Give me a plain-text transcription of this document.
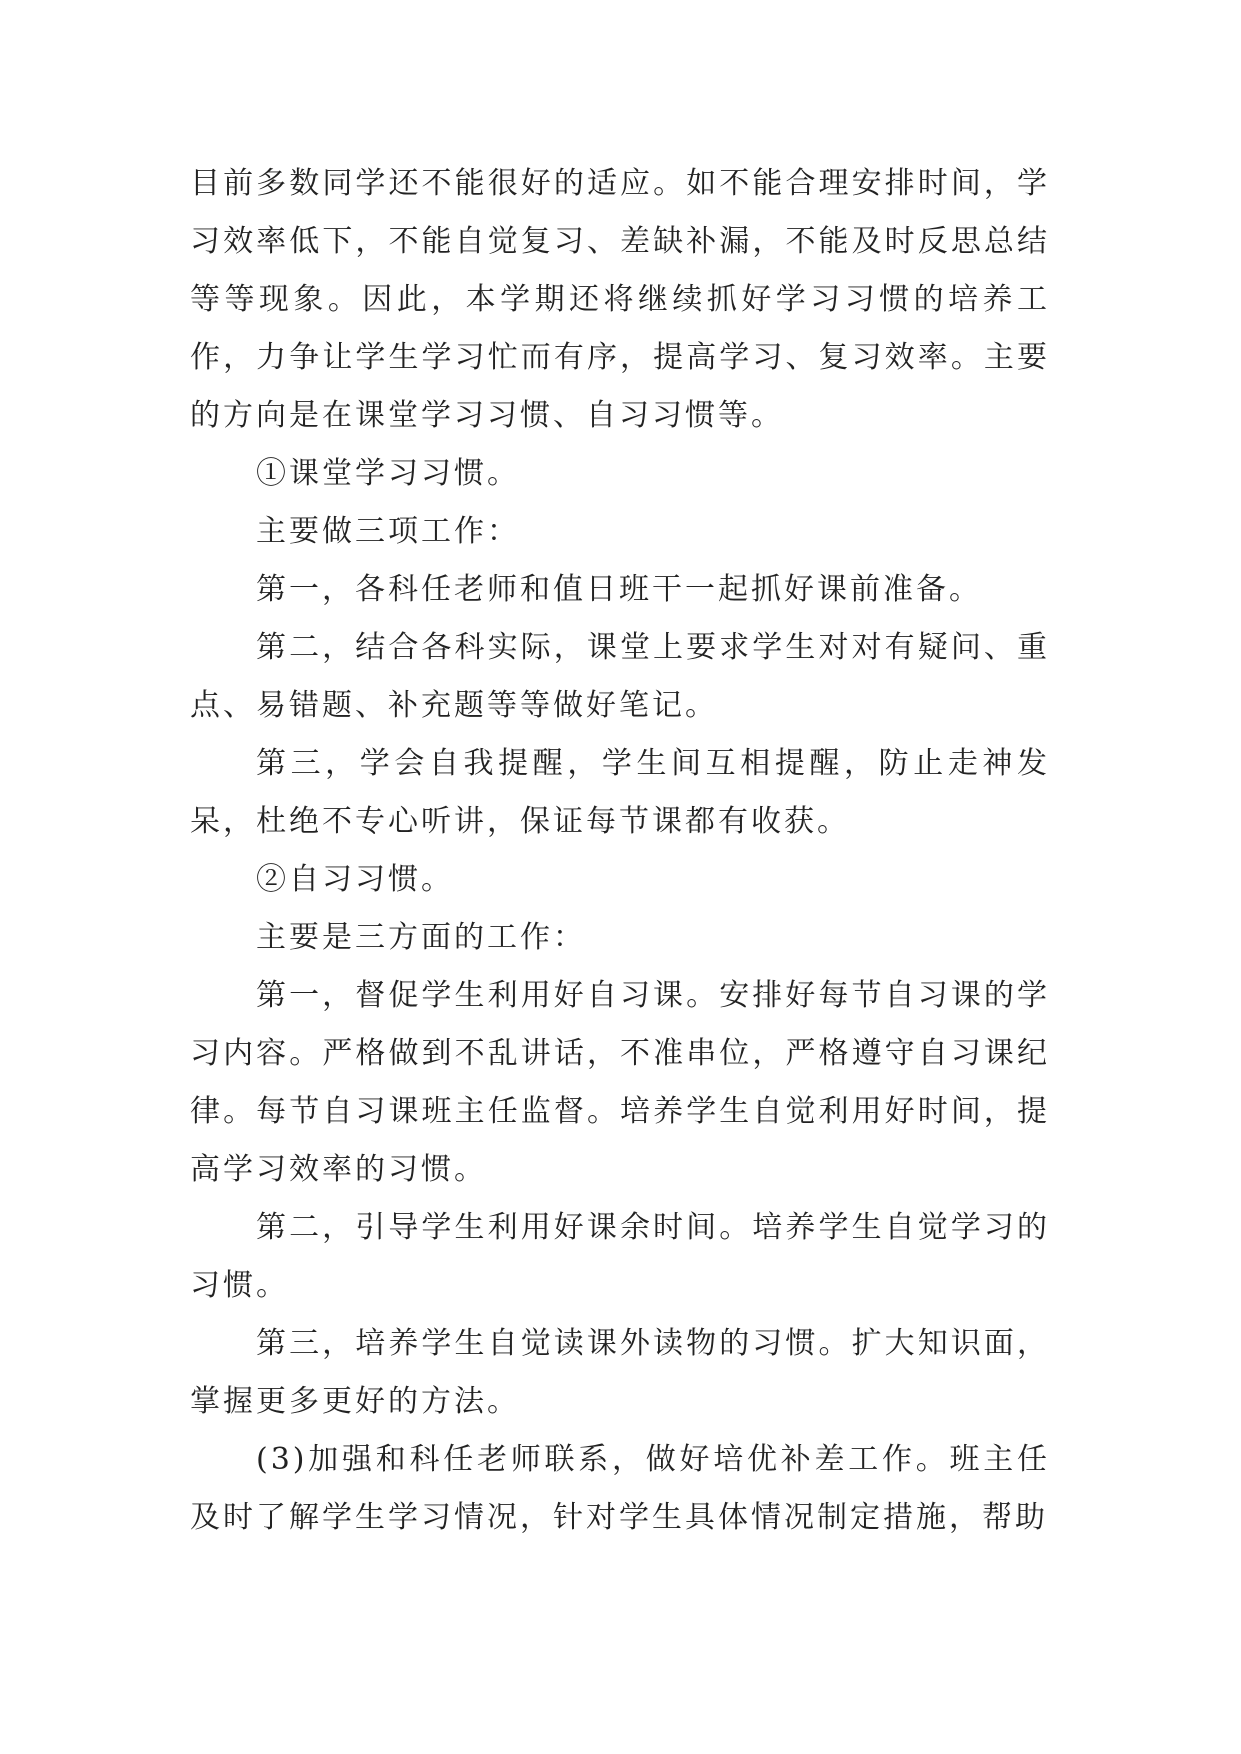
目前多数同学还不能很好的适应。如不能合理安排时间，学习效率低下，不能自觉复习、差缺补漏，不能及时反思总结等等现象。因此，本学期还将继续抓好学习习惯的培养工作，力争让学生学习忙而有序，提高学习、复习效率。主要的方向是在课堂学习习惯、自习习惯等。

①课堂学习习惯。

主要做三项工作：

第一，各科任老师和值日班干一起抓好课前准备。

第二，结合各科实际，课堂上要求学生对对有疑问、重点、易错题、补充题等等做好笔记。

第三，学会自我提醒，学生间互相提醒，防止走神发呆，杜绝不专心听讲，保证每节课都有收获。

②自习习惯。

主要是三方面的工作：

第一，督促学生利用好自习课。安排好每节自习课的学习内容。严格做到不乱讲话，不准串位，严格遵守自习课纪律。每节自习课班主任监督。培养学生自觉利用好时间，提高学习效率的习惯。

第二，引导学生利用好课余时间。培养学生自觉学习的习惯。

第三，培养学生自觉读课外读物的习惯。扩大知识面，掌握更多更好的方法。

(3)加强和科任老师联系，做好培优补差工作。班主任及时了解学生学习情况，针对学生具体情况制定措施，帮助
